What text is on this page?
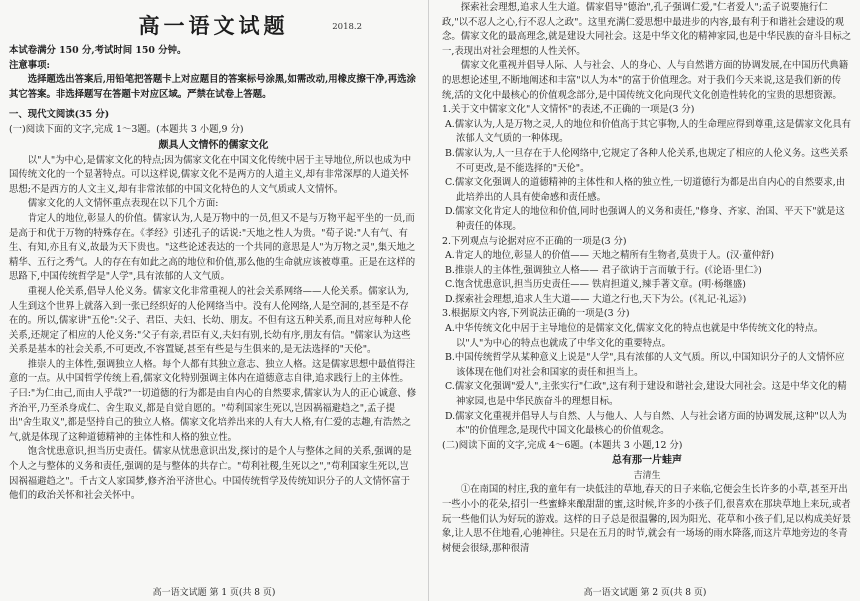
高一语文试题	2018.2

本试卷满分 150 分,考试时间 150 分钟。

注意事项:

选择题选出答案后,用铅笔把答题卡上对应题目的答案标号涂黑,如需改动,用橡皮擦干净,再选涂其它答案。非选择题写在答题卡对应区域。严禁在试卷上答题。

一、现代文阅读(35 分)

(一)阅读下面的文字,完成 1～3题。(本题共 3 小题,9 分)

颇具人文情怀的儒家文化

以"人"为中心,是儒家文化的特点;因为儒家文化在中国文化传统中居于主导地位,所以也成为中国传统文化的一个显著特点。可以这样说,儒家文化不是两方的人道主义,却有非常深厚的人道关怀思想;不是西方的人文主义,却有非常浓郁的中国文化特色的人文气质或人文情怀。

儒家文化的人文情怀重点表现在以下几个方面:

肯定人的地位,彰显人的价值。儒家认为,人是万物中的一员,但又不是与万物平起平坐的一员,而是高于和优于万物的特殊存在。《孝经》引述孔子的话说:"天地之性人为贵。"荀子说:"人有气、有生、有知,亦且有义,故最为天下贵也。"这些论述表达的一个共同的意思是人"为万物之灵",集天地之精华、五行之秀气。人的存在有如此之高的地位和价值,那么他的生命就应该被尊重。正是在这样的思路下,中国传统哲学是"人学",具有浓郁的人文气质。

重视人伦关系,倡导人伦义务。儒家文化非常重视人的社会关系网络——人伦关系。儒家认为,人生到这个世界上就落入到一张已经织好的人伦网络当中。没有人伦网络,人是空洞的,甚至是不存在的。所以,儒家讲"五伦":父子、君臣、夫妇、长幼、朋友。不但有这五种关系,而且对应每种人伦关系,还规定了相应的人伦义务:"父子有亲,君臣有义,夫妇有别,长幼有序,朋友有信。"儒家认为这些关系是基本的社会关系,不可更改,不容置疑,甚至有些是与生俱来的,是无法选择的"天伦"。

推崇人的主体性,强调独立人格。每个人都有其独立意志、独立人格。这是儒家思想中最值得注意的一点。从中国哲学传统上看,儒家文化特别强调主体内在道德意志自律,追求践行上的主体性。子曰:"为仁由己,而由人乎哉?"一切道德的行为都是由自内心的自然要求,儒家认为人的正心诚意、修齐治平,乃至杀身成仁、舍生取义,都是自觉自愿的。"苟利国家生死以,岂因祸福避趋之",孟子提出"舍生取义",都是坚持自己的独立人格。儒家文化培养出来的人有大人格,有仁爱的志趣,有浩然之气,就是体现了这种道德精神的主体性和人格的独立性。

饱含忧患意识,担当历史责任。儒家从忧患意识出发,探讨的是个人与整体之间的关系,强调的是个人之与整体的义务和责任,强调的是与整体的共存亡。"苟利社稷,生死以之","苟利国家生死以,岂因祸福避趋之"。千古文人家国梦,修齐治平济世心。中国传统哲学及传统知识分子的人文情怀富于他们的政治关怀和社会关怀中。

高一语文试题 第 1 页(共 8 页)

探索社会理想,追求人生大道。儒家倡导"德治",孔子强调仁爱,"仁者爱人";孟子说要施行仁政,"以不忍人之心,行不忍人之政"。这里充满仁爱思想中最进步的内容,最有利于和谐社会建设的观念。儒家文化的最高理念,就是建设大同社会。这是中华文化的精神家园,也是中华民族的奋斗目标之一,表现出对社会理想的人性关怀。

儒家文化重视并倡导人际、人与社会、人的身心、人与自然谐方面的协调发展,在中国历代典籍的思想论述里,不断地阐述和丰富"以人为本"的富于价值理念。对于我们今天来说,这是我们新的传统,活的文化中最核心的价值观念部分,是中国传统文化向现代文化创造性转化的宝贵的思想资源。

1.关于文中儒家文化"人文情怀"的表述,不正确的一项是(3 分)

A.儒家认为,人是万物之灵,人的地位和价值高于其它事物,人的生命理应得到尊重,这是儒家文化具有浓郁人文气质的一种体现。

B.儒家认为,人一旦存在于人伦网络中,它规定了各种人伦关系,也规定了相应的人伦义务。这些关系不可更改,是不能选择的"天伦"。

C.儒家文化强调人的道德精神的主体性和人格的独立性,一切道德行为都是出自内心的自然要求,由此培养出的人具有使命感和责任感。

D.儒家文化肯定人的地位和价值,同时也强调人的义务和责任,"修身、齐家、治国、平天下"就是这种责任的体现。

2.下列观点与论据对应不正确的一项是(3 分)

A.肯定人的地位,彰显人的价值—— 天地之精所有生物者,莫贵于人。(汉·董仲舒)

B.推崇人的主体性,强调独立人格—— 君子欲讷于言而敏于行。(《论语·里仁》)

C.饱含忧患意识,担当历史责任—— 铁肩担道义,辣手著文章。(明·杨继盛)

D.探索社会理想,追求人生大道—— 大道之行也,天下为公。(《礼记·礼运》)

3.根据原文内容,下列说法正确的一项是(3 分)

A.中华传统文化中居于主导地位的是儒家文化,儒家文化的特点也就是中华传统文化的特点。以"人"为中心的特点也就成了中华文化的重要特点。

B.中国传统哲学从某种意义上说是"人学",具有浓郁的人文气质。所以,中国知识分子的人文情怀应该体现在他们对社会和国家的责任和担当上。

C.儒家文化强调"爱人",主张实行"仁政",这有利于建设和谐社会,建设大同社会。这是中华文化的精神家园,也是中华民族奋斗的理想目标。

D.儒家文化重视并倡导人与自然、人与他人、人与自然、人与社会诸方面的协调发展,这种"以人为本"的价值理念,是现代中国文化最核心的价值观念。

(二)阅读下面的文字,完成 4～6题。(本题共 3 小题,12 分)

总有那一片蛙声

吉清生

①在南国的村庄,我的童年有一块低洼的草地,春天的日子来临,它便会生长许多的小草,甚至开出一些小小的花朵,招引一些蜜蜂来酿甜甜的蜜,这时候,许多的小孩子们,很喜欢在那块草地上来玩,或者玩一些他们认为好玩的游戏。这样的日子总是很温馨的,因为阳光、花草和小孩子们,足以构成美好景象,让人思不住地看,心驰神往。只是在五月的时节,就会有一场场的雨水降落,而这片草地旁边的冬青树便会很绿,那种很清

高一语文试题 第 2 页(共 8 页)
